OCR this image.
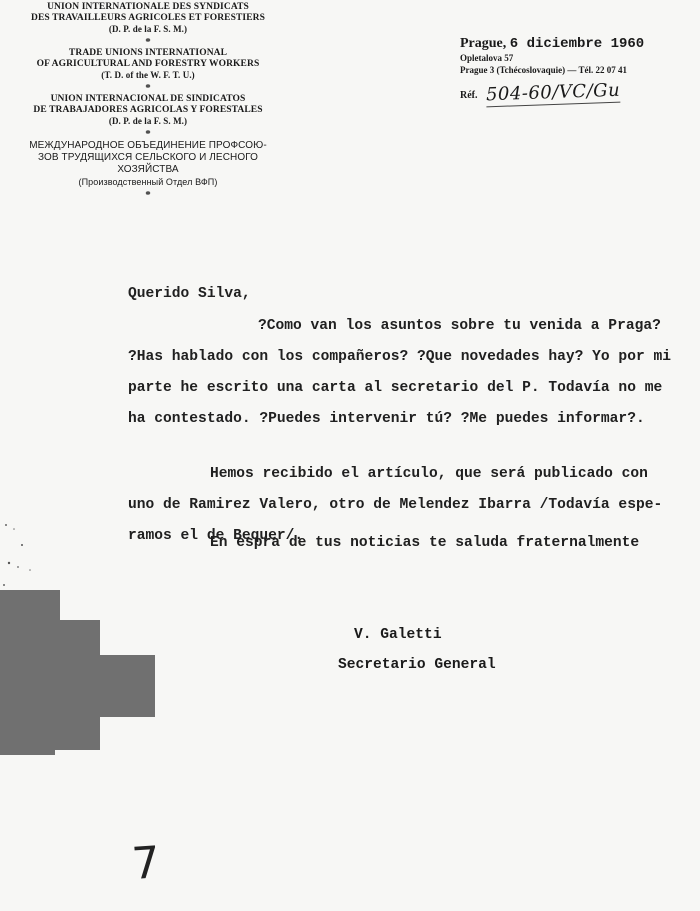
UNION INTERNATIONALE DES SYNDICATS
DES TRAVAILLEURS AGRICOLES ET FORESTIERS
(D. P. de la F. S. M.)
*
TRADE UNIONS INTERNATIONAL
OF AGRICULTURAL AND FORESTRY WORKERS
(T. D. of the W. F. T. U.)
*
UNION INTERNACIONAL DE SINDICATOS
DE TRABAJADORES AGRICOLAS Y FORESTALES
(D. P. de la F. S. M.)
*
МЕЖДУНАРОДНОЕ ОБЪЕДИНЕНИЕ ПРОФСОЮ-
ЗОВ ТРУДЯЩИХСЯ СЕЛЬСКОГО И ЛЕСНОГО
ХОЗЯЙСТВА
(Производственный Отдел ВФП)
*
Prague, 6 diciembre 1960
Opletalova 57
Prague 3 (Tchécoslovaquie) — Tél. 22 07 41
Réf. 504-60/VC/Gu
Querido Silva,
?Como van los asuntos sobre tu venida a Praga?
?Has hablado con los compañeros? ?Que novedades hay? Yo por mi
parte he escrito una carta al secretario del P. Todavía no me
ha contestado. ?Puedes intervenir tú? ?Me puedes informar?.
Hemos recibido el artículo, que será publicado con
uno de Ramirez Valero, otro de Melendez Ibarra /Todavía espe-
ramos el de Bequer/.
En espra de tus noticias te saluda fraternalmente
V. Galetti
Secretario General
7
